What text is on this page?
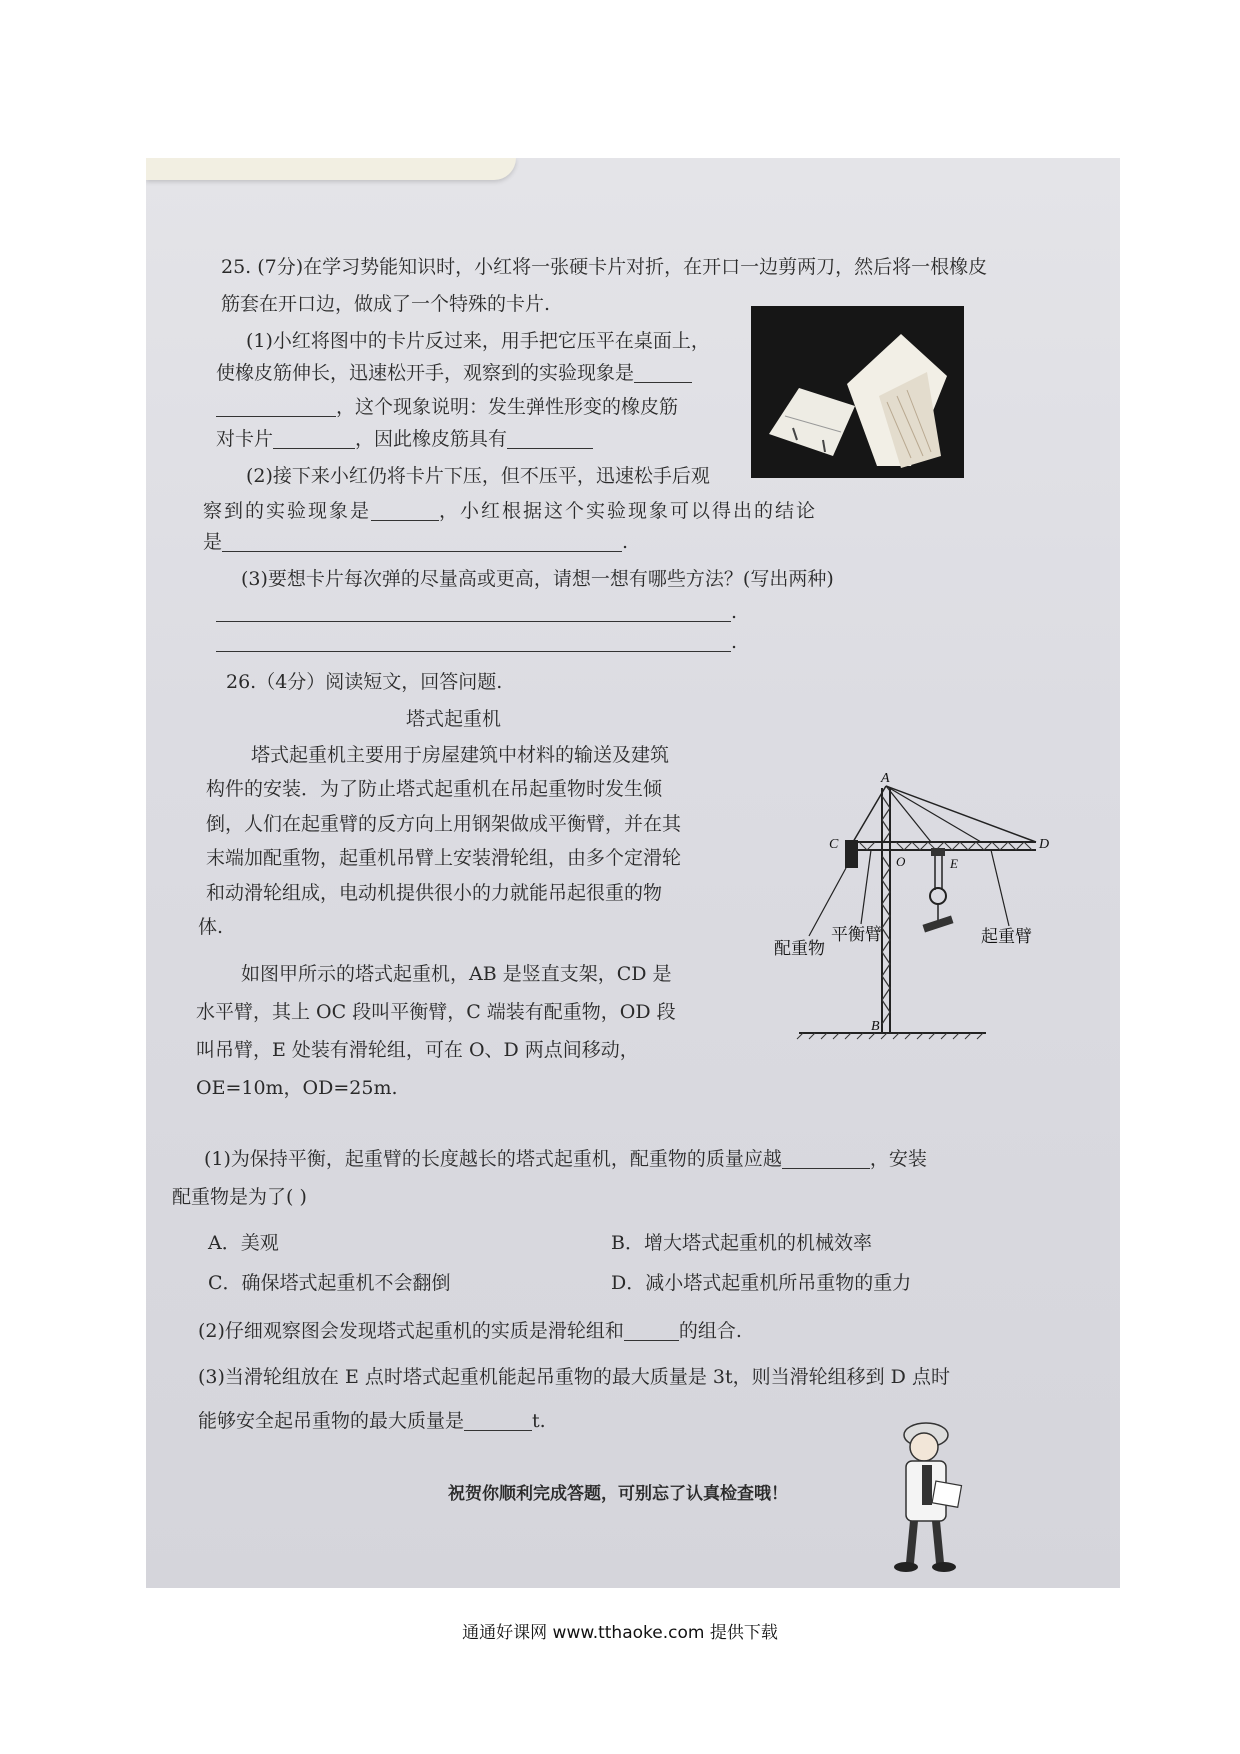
25. (7分)在学习势能知识时，小红将一张硬卡片对折，在开口一边剪两刀，然后将一根橡皮
筋套在开口边，做成了一个特殊的卡片.
(1)小红将图中的卡片反过来，用手把它压平在桌面上，
使橡皮筋伸长，迅速松开手，观察到的实验现象是
，这个现象说明：发生弹性形变的橡皮筋
对卡片	，因此橡皮筋具有
(2)接下来小红仍将卡片下压，但不压平，迅速松手后观
察到的实验现象是	，小红根据这个实验现象可以得出的结论
是	.
(3)要想卡片每次弹的尽量高或更高，请想一想有哪些方法？(写出两种)
.
.
26.（4分）阅读短文，回答问题.
塔式起重机
塔式起重机主要用于房屋建筑中材料的输送及建筑
构件的安装．为了防止塔式起重机在吊起重物时发生倾
倒，人们在起重臂的反方向上用钢架做成平衡臂，并在其
末端加配重物，起重机吊臂上安装滑轮组，由多个定滑轮
和动滑轮组成，电动机提供很小的力就能吊起很重的物
体.
如图甲所示的塔式起重机，AB 是竖直支架，CD 是
水平臂，其上 OC 段叫平衡臂，C 端装有配重物，OD 段
叫吊臂，E 处装有滑轮组，可在 O、D 两点间移动，
OE=10m，OD=25m.
A
B
C	D
O	E
配重物
平衡臂	起重臂
(1)为保持平衡，起重臂的长度越长的塔式起重机，配重物的质量应越	，安装
配重物是为了( )
A．美观	B．增大塔式起重机的机械效率
C．确保塔式起重机不会翻倒	D．减小塔式起重机所吊重物的重力
(2)仔细观察图会发现塔式起重机的实质是滑轮组和	的组合.
(3)当滑轮组放在 E 点时塔式起重机能起吊重物的最大质量是 3t，则当滑轮组移到 D 点时
能够安全起吊重物的最大质量是	t.
祝贺你顺利完成答题，可别忘了认真检查哦！
通通好课网 www.tthaoke.com 提供下载
